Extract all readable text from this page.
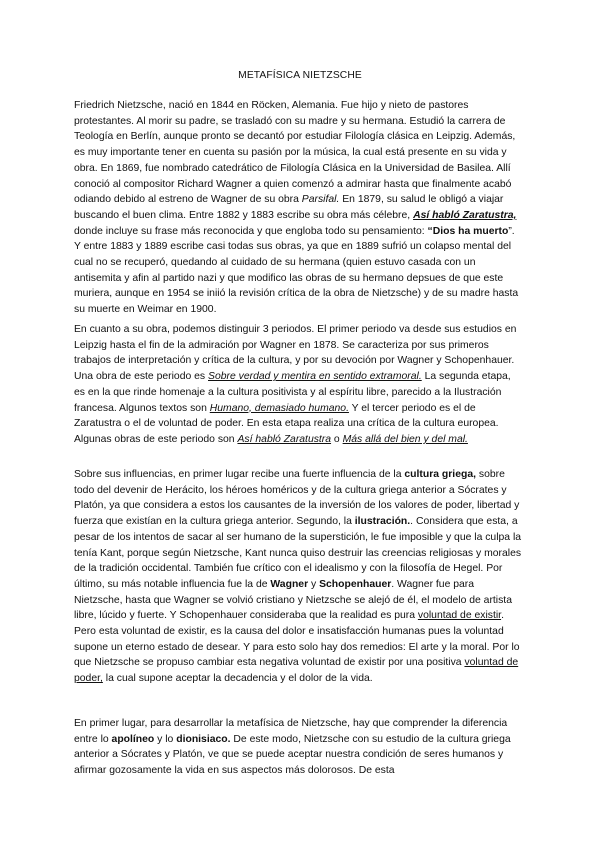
METAFÍSICA NIETZSCHE

Friedrich Nietzsche, nació en 1844 en Röcken, Alemania. Fue hijo y nieto de pastores protestantes. Al morir su padre, se trasladó con su madre y su hermana. Estudió la carrera de Teología en Berlín, aunque pronto se decantó por estudiar Filología clásica en Leipzig. Además, es muy importante tener en cuenta su pasión por la música, la cual está presente en su vida y obra. En 1869, fue nombrado catedrático de Filología Clásica en la Universidad de Basilea. Allí conoció al compositor Richard Wagner a quien comenzó a admirar hasta que finalmente acabó odiando debido al estreno de Wagner de su obra Parsifal. En 1879, su salud le obligó a viajar buscando el buen clima. Entre 1882 y 1883 escribe su obra más célebre, Así habló Zaratustra, donde incluye su frase más reconocida y que engloba todo su pensamiento: “Dios ha muerto”. Y entre 1883 y 1889 escribe casi todas sus obras, ya que en 1889 sufrió un colapso mental del cual no se recuperó, quedando al cuidado de su hermana (quien estuvo casada con un antisemita y afin al partido nazi y que modifico las obras de su hermano depsues de que este muriera, aunque en 1954 se iniió la revisión crítica de la obra de Nietzsche) y de su madre hasta su muerte en Weimar en 1900.

En cuanto a su obra, podemos distinguir 3 periodos. El primer periodo va desde sus estudios en Leipzig hasta el fin de la admiración por Wagner en 1878. Se caracteriza por sus primeros trabajos de interpretación y crítica de la cultura, y por su devoción por Wagner y Schopenhauer. Una obra de este periodo es Sobre verdad y mentira en sentido extramoral. La segunda etapa, es en la que rinde homenaje a la cultura positivista y al espíritu libre, parecido a la Ilustración francesa. Algunos textos son Humano, demasiado humano. Y el tercer periodo es el de Zaratustra o el de voluntad de poder. En esta etapa realiza una crítica de la cultura europea. Algunas obras de este periodo son Así habló Zaratustra o Más allá del bien y del mal.

Sobre sus influencias, en primer lugar recibe una fuerte influencia de la cultura griega, sobre todo del devenir de Herácito, los héroes homéricos y de la cultura griega anterior a Sócrates y Platón, ya que considera a estos los causantes de la inversión de los valores de poder, libertad y fuerza que existían en la cultura griega anterior. Segundo, la ilustración.. Considera que esta, a pesar de los intentos de sacar al ser humano de la superstición, le fue imposible y que la culpa la tenía Kant, porque según Nietzsche, Kant nunca quiso destruir las creencias religiosas y morales de la tradición occidental. También fue crítico con el idealismo y con la filosofía de Hegel. Por último, su más notable influencia fue la de Wagner y Schopenhauer. Wagner fue para Nietzsche, hasta que Wagner se volvió cristiano y Nietzsche se alejó de él, el modelo de artista libre, lúcido y fuerte. Y Schopenhauer consideraba que la realidad es pura voluntad de existir. Pero esta voluntad de existir, es la causa del dolor e insatisfacción humanas pues la voluntad supone un eterno estado de desear. Y para esto solo hay dos remedios: El arte y la moral. Por lo que Nietzsche se propuso cambiar esta negativa voluntad de existir por una positiva voluntad de poder, la cual supone aceptar la decadencia y el dolor de la vida.

En primer lugar, para desarrollar la metafísica de Nietzsche, hay que comprender la diferencia entre lo apolíneo y lo dionisiaco. De este modo, Nietzsche con su estudio de la cultura griega anterior a Sócrates y Platón, ve que se puede aceptar nuestra condición de seres humanos y afirmar gozosamente la vida en sus aspectos más dolorosos. De esta
